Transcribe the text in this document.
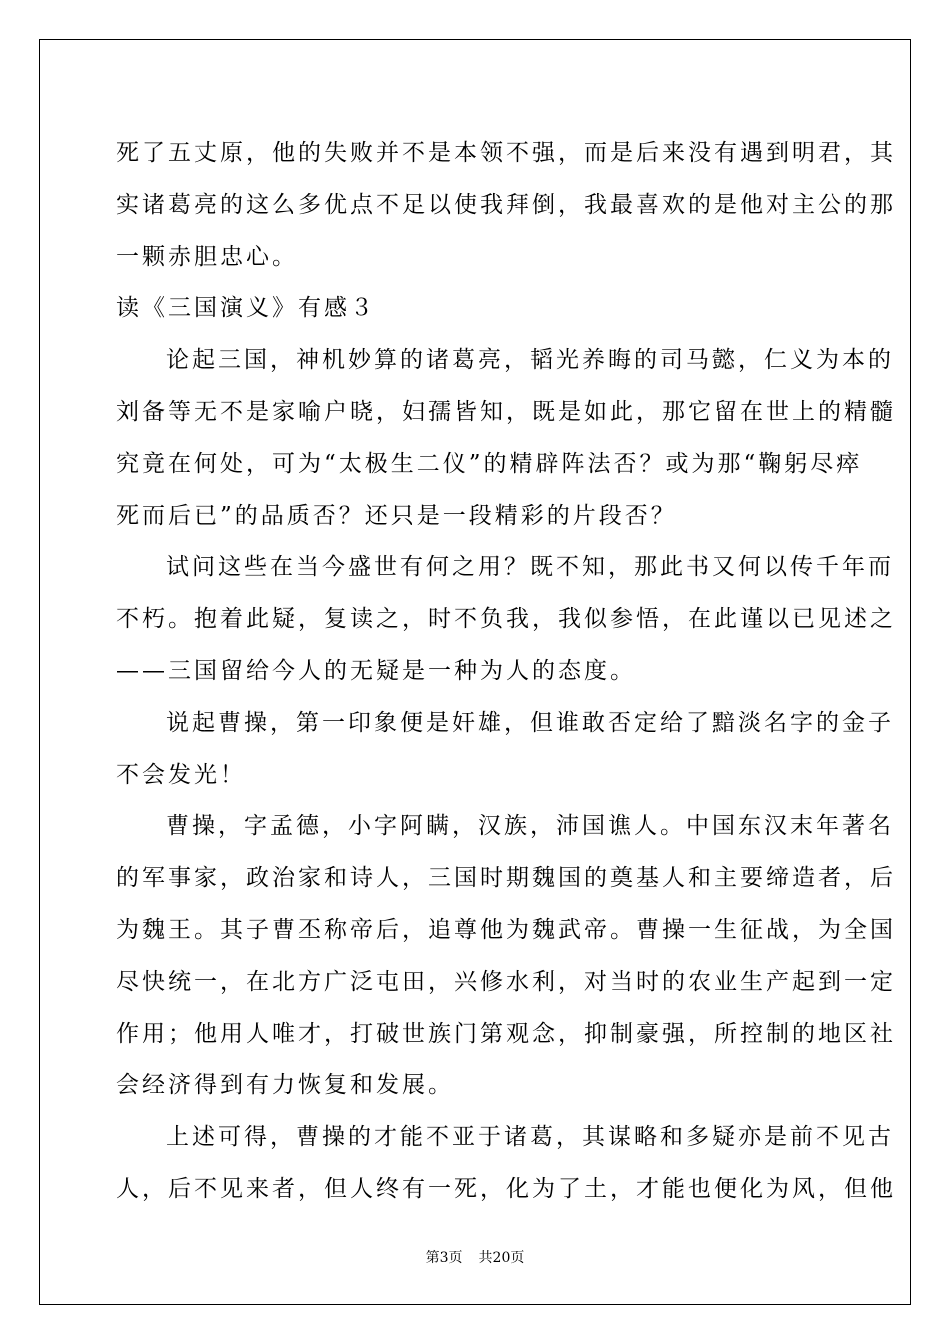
死了五丈原，他的失败并不是本领不强，而是后来没有遇到明君，其

实诸葛亮的这么多优点不足以使我拜倒，我最喜欢的是他对主公的那

一颗赤胆忠心。

读《三国演义》有感３

论起三国，神机妙算的诸葛亮，韬光养晦的司马懿，仁义为本的

刘备等无不是家喻户晓，妇孺皆知，既是如此，那它留在世上的精髓

究竟在何处，可为“太极生二仪”的精辟阵法否？或为那“鞠躬尽瘁

死而后已”的品质否？还只是一段精彩的片段否？

试问这些在当今盛世有何之用？既不知，那此书又何以传千年而

不朽。抱着此疑，复读之，时不负我，我似参悟，在此谨以已见述之

——三国留给今人的无疑是一种为人的态度。

说起曹操，第一印象便是奸雄，但谁敢否定给了黯淡名字的金子

不会发光！

曹操，字孟德，小字阿瞒，汉族，沛国谯人。中国东汉末年著名

的军事家，政治家和诗人，三国时期魏国的奠基人和主要缔造者，后

为魏王。其子曹丕称帝后，追尊他为魏武帝。曹操一生征战，为全国

尽快统一，在北方广泛屯田，兴修水利，对当时的农业生产起到一定

作用；他用人唯才，打破世族门第观念，抑制豪强，所控制的地区社

会经济得到有力恢复和发展。

上述可得，曹操的才能不亚于诸葛，其谋略和多疑亦是前不见古

人，后不见来者，但人终有一死，化为了土，才能也便化为风，但他

第3页 共20页
